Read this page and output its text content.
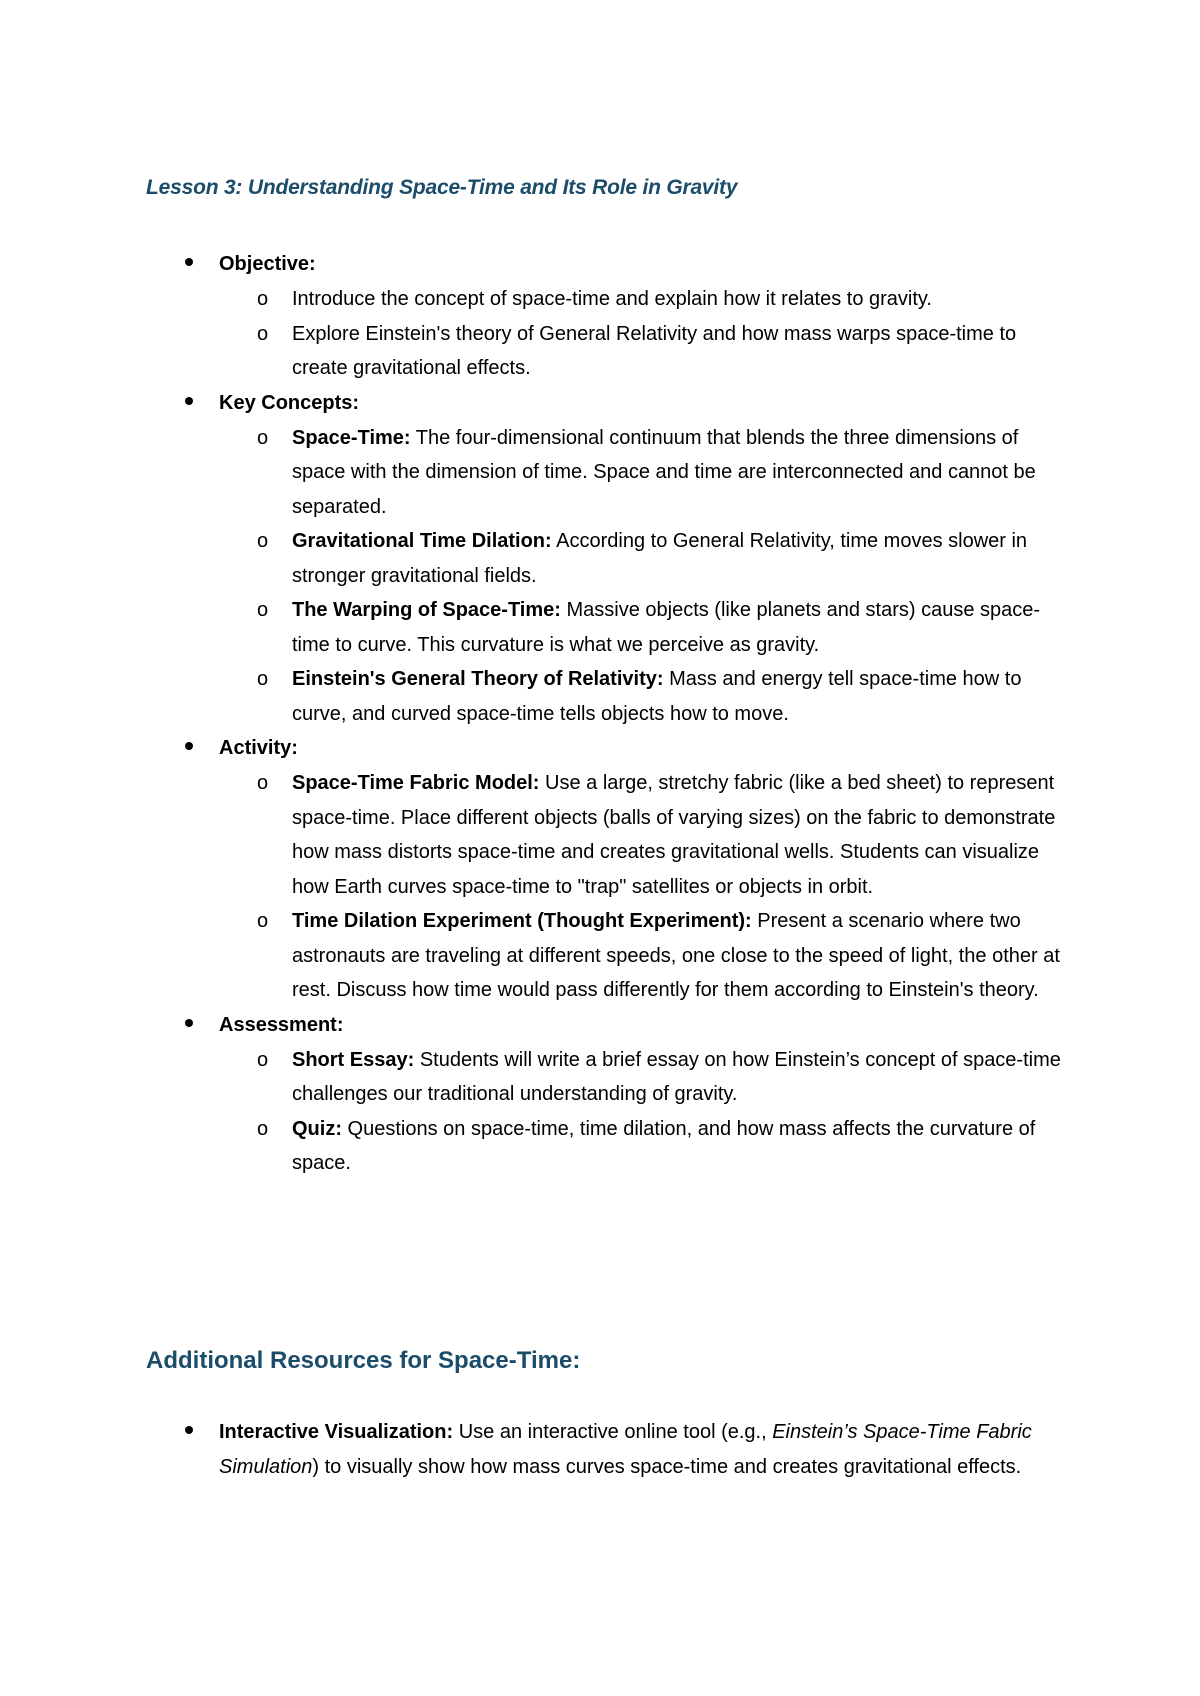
Lesson 3: Understanding Space-Time and Its Role in Gravity
Objective:
o Introduce the concept of space-time and explain how it relates to gravity.
o Explore Einstein's theory of General Relativity and how mass warps space-time to create gravitational effects.
Key Concepts:
o Space-Time: The four-dimensional continuum that blends the three dimensions of space with the dimension of time. Space and time are interconnected and cannot be separated.
o Gravitational Time Dilation: According to General Relativity, time moves slower in stronger gravitational fields.
o The Warping of Space-Time: Massive objects (like planets and stars) cause space-time to curve. This curvature is what we perceive as gravity.
o Einstein's General Theory of Relativity: Mass and energy tell space-time how to curve, and curved space-time tells objects how to move.
Activity:
o Space-Time Fabric Model: Use a large, stretchy fabric (like a bed sheet) to represent space-time. Place different objects (balls of varying sizes) on the fabric to demonstrate how mass distorts space-time and creates gravitational wells. Students can visualize how Earth curves space-time to "trap" satellites or objects in orbit.
o Time Dilation Experiment (Thought Experiment): Present a scenario where two astronauts are traveling at different speeds, one close to the speed of light, the other at rest. Discuss how time would pass differently for them according to Einstein's theory.
Assessment:
o Short Essay: Students will write a brief essay on how Einstein’s concept of space-time challenges our traditional understanding of gravity.
o Quiz: Questions on space-time, time dilation, and how mass affects the curvature of space.
Additional Resources for Space-Time:
Interactive Visualization: Use an interactive online tool (e.g., Einstein’s Space-Time Fabric Simulation) to visually show how mass curves space-time and creates gravitational effects.
